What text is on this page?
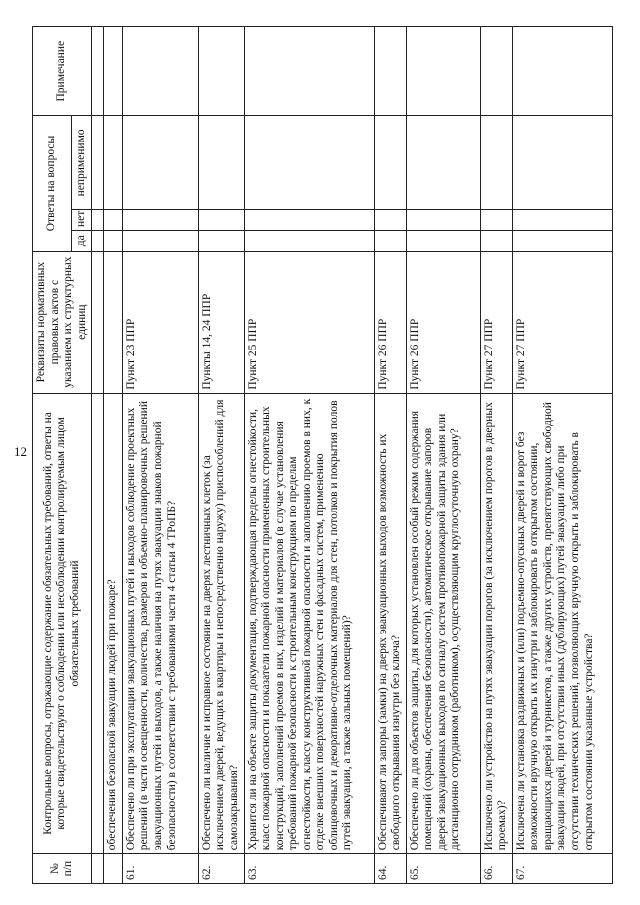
12
№ п/п	Контрольные вопросы, отражающие содержание обязательных требований, ответы на которые свидетельствуют о соблюдении или несоблюдении контролируемым лицом обязательных требований	Реквизиты нормативных правовых актов с указанием их структурных единиц	Ответы на вопросы			Примечание
			да	нет	неприменимо	

	обеспечения безопасной эвакуации людей при пожаре?					
61.	Обеспечено ли при эксплуатации эвакуационных путей и выходов соблюдение проектных решений (в части освещенности, количества, размеров и объемно-планировочных решений эвакуационных путей и выходов, а также наличия на путях эвакуации знаков пожарной безопасности) в соответствии с требованиями части 4 статьи 4 ТРоПБ?	Пункт 23 ППР				
62.	Обеспечено ли наличие и исправное состояние на дверях лестничных клеток (за исключением дверей, ведущих в квартиры и непосредственно наружу) приспособлений для самозакрывания?	Пункты 14, 24 ППР				
63.	Хранится ли на объекте защиты документация, подтверждающая пределы огнестойкости, класс пожарной опасности и показатели пожарной опасности примененных строительных конструкций, заполнений проемов в них, изделий и материалов (в случае установления требований пожарной безопасности к строительным конструкциям по пределам огнестойкости, классу конструктивной пожарной опасности и заполнению проемов в них, к отделке внешних поверхностей наружных стен и фасадных систем, применению облицовочных и декоративно-отделочных материалов для стен, потолков и покрытия полов путей эвакуации, а также зальных помещений)?	Пункт 25 ППР				
64.	Обеспечивают ли запоры (замки) на дверях эвакуационных выходов возможность их свободного открывания изнутри без ключа?	Пункт 26 ППР				
65.	Обеспечено ли для объектов защиты, для которых установлен особый режим содержания помещений (охраны, обеспечения безопасности), автоматическое открывание запоров дверей эвакуационных выходов по сигналу систем противопожарной защиты здания или дистанционно сотрудником (работником), осуществляющим круглосуточную охрану?	Пункт 26 ППР				
66.	Исключено ли устройство на путях эвакуации порогов (за исключением порогов в дверных проемах)?	Пункт 27 ППР				
67.	Исключена ли установка раздвижных и (или) подъемно-опускных дверей и ворот без возможности вручную открыть их изнутри и заблокировать в открытом состоянии, вращающихся дверей и турникетов, а также других устройств, препятствующих свободной эвакуации людей, при отсутствии иных (дублирующих) путей эвакуации либо при отсутствии технических решений, позволяющих вручную открыть и заблокировать в открытом состоянии указанные устройства?	Пункт 27 ППР				
